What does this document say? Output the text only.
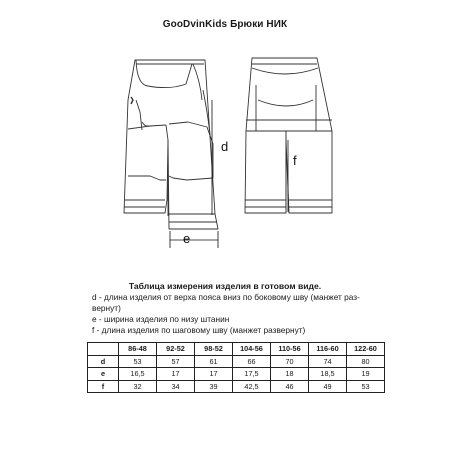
GooDvinKids Брюки НИК
d
e
f
Таблица измерения изделия в готовом виде.
d - длина изделия от верха пояса вниз по боковому шву (манжет раз-
вернут)
e - ширина изделия по низу штанин
f - длина изделия по шаговому шву (манжет развернут)
	86-48	92-52	98-52	104-56	110-56	116-60	122-60
d	53	57	61	66	70	74	80
e	16,5	17	17	17,5	18	18,5	19
f	32	34	39	42,5	46	49	53
